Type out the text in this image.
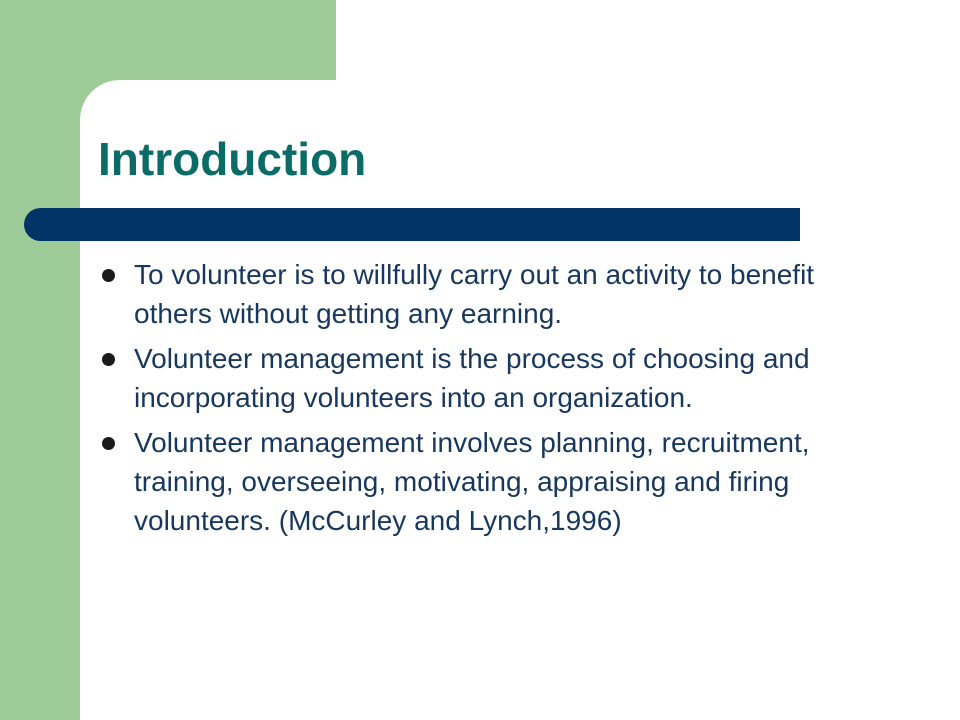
Introduction
To volunteer is to willfully carry out an activity to benefit others without getting any earning.
Volunteer management is the process of choosing and incorporating volunteers into an organization.
Volunteer management involves planning, recruitment, training, overseeing, motivating, appraising and firing volunteers. (McCurley and Lynch,1996)
